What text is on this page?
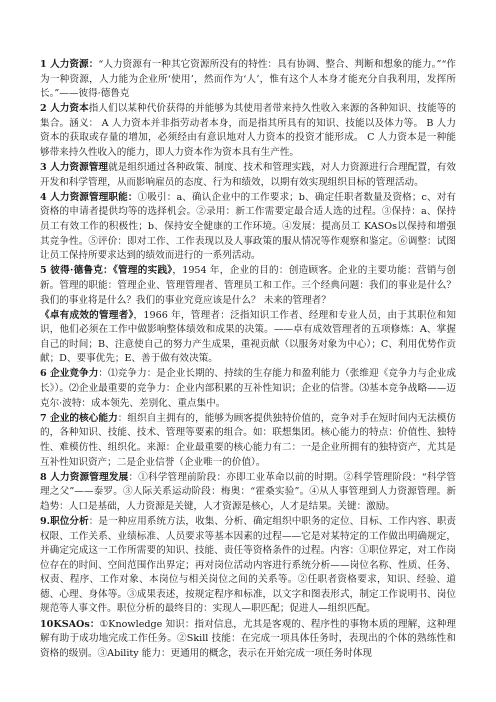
1 人力资源：“人力资源有一种其它资源所没有的特性：具有协调、整合、判断和想象的能力。”“作为一种资源，人力能为企业所‘使用’，然而作为‘人’，惟有这个人本身才能充分自我利用，发挥所长。”——彼得·德鲁克

2 人力资本指人们以某种代价获得的并能够为其使用者带来持久性收入来源的各种知识、技能等的集合。涵义： A 人力资本并非指劳动者本身，而是指其所具有的知识、技能以及体力等。 B 人力资本的获取或存量的增加，必须经由有意识地对人力资本的投资才能形成。 C 人力资本是一种能够带来持久性收入的能力，即人力资本作为资本具有生产性。

3 人力资源管理就是组织通过各种政策、制度、技术和管理实践，对人力资源进行合理配置，有效开发和科学管理，从而影响雇员的态度、行为和绩效，以期有效实现组织目标的管理活动。

4 人力资源管理职能：①吸引：a、确认企业中的工作要求；b、确定任职者数量及资格；c、对有资格的申请者提供均等的选择机会。②录用：新工作需要定最合适人选的过程。③保持：a、保持员工有效工作的积极性；b、保持安全健康的工作环境。④发展：提高员工 KASOs以保持和增强其竞争性。⑤评价：即对工作、工作表现以及人事政策的服从情况等作观察和鉴定。⑥调整：试图让员工保持所要求达到的绩效而进行的一系列活动。

5 彼得·德鲁克：《管理的实践》，1954 年，企业的目的：创造顾客。企业的主要功能：营销与创新。管理的职能：管理企业、管理管理者、管理员工和工作。三个经典问题：我们的事业是什么？我们的事业将是什么？我们的事业究竟应该是什么？ 未来的管理者？

《卓有成效的管理者》，1966 年，管理者：泛指知识工作者、经理和专业人员，由于其职位和知识，他们必须在工作中做影响整体绩效和成果的决策。——卓有成效管理者的五项修炼：A、掌握自己的时间；B、注意使自己的努力产生成果，重视贡献（以服务对象为中心）；C、利用优势作贡献；D、要事优先；E、善于做有效决策。

6 企业竞争力：⑴竞争力：是企业长期的、持续的生存能力和盈利能力（张维迎《竞争力与企业成长》）。⑵企业最重要的竞争力：企业内部积累的互补性知识；企业的信誉。⑶基本竞争战略——迈克尔·波特：成本领先、差别化、重点集中。

7 企业的核心能力：组织自主拥有的，能够为顾客提供独特价值的，竞争对手在短时间内无法模仿的，各种知识、技能、技术、管理等要素的组合。如：联想集团。核心能力的特点：价值性、独特性、难模仿性、组织化。来源：企业最重要的核心能力有二：一是企业所拥有的独特资产，尤其是互补性知识资产；二是企业信誉（企业唯一的价值）。

8 人力资源管理发展：①科学管理前阶段：亦即工业革命以前的时期。②科学管理阶段：“科学管理之父”——泰罗。③人际关系运动阶段：梅奥：“霍桑实验”。④从人事管理到人力资源管理。新趋势：人口是基础，人力资源是关键，人才资源是核心，人才是结果。关键：激励。

9.职位分析：是一种应用系统方法，收集、分析、确定组织中职务的定位、目标、工作内容、职责权限、工作关系、业绩标准、人员要求等基本因素的过程——它是对某特定的工作做出明确规定，并确定完成这一工作所需要的知识、技能、责任等资格条件的过程。内容：①职位界定，对工作岗位存在的时间、空间范围作出界定；再对岗位活动内容进行系统分析——岗位名称、性质、任务、权责、程序、工作对象、本岗位与相关岗位之间的关系等。②任职者资格要求，知识、经验、道德、心理、身体等。③成果表述，按规定程序和标准，以文字和图表形式，制定工作说明书、岗位规范等人事文件。职位分析的最终目的：实现人—职匹配；促进人—组织匹配。

10KSAOs：①Knowledge 知识：指对信息，尤其是客观的、程序性的事物本质的理解，这种理解有助于成功地完成工作任务。②Skill 技能：在完成一项具体任务时，表现出的个体的熟练性和资格的级别。③Ability 能力：更通用的概念，表示在开始完成一项任务时体现
